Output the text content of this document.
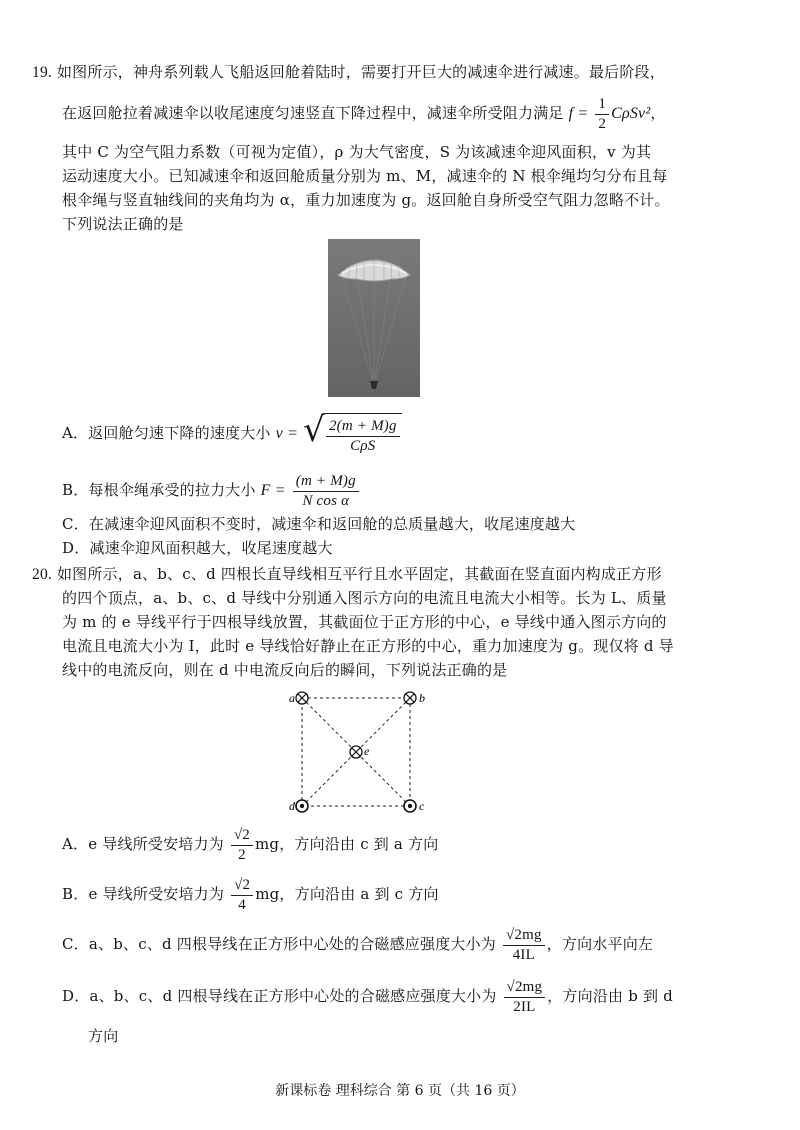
19. 如图所示，神舟系列载人飞船返回舱着陆时，需要打开巨大的减速伞进行减速。最后阶段，
在返回舱拉着减速伞以收尾速度匀速竖直下降过程中，减速伞所受阻力满足 $f = \frac{1}{2} C\rho Sv^2$，
其中 C 为空气阻力系数（可视为定值），ρ 为大气密度，S 为该减速伞迎风面积，v 为其
运动速度大小。已知减速伞和返回舱质量分别为 m、M，减速伞的 N 根伞绳均匀分布且每
根伞绳与竖直轴线间的夹角均为 α，重力加速度为 g。返回舱自身所受空气阻力忽略不计。
下列说法正确的是
A．返回舱匀速下降的速度大小 v = √ $\frac{2(m + M)g}{\text{CρS}}$
B．每根伞绳承受的拉力大小 $F = \frac{(m + M)g}{\text{N cos α}}$
C．在减速伞迎风面积不变时，减速伞和返回舱的总质量越大，收尾速度越大
D．减速伞迎风面积越大，收尾速度越大
20. 如图所示，a、b、c、d 四根长直导线相互平行且水平固定，其截面在竖直面内构成正方形
的四个顶点，a、b、c、d 导线中分别通入图示方向的电流且电流大小相等。长为 L、质量
为 m 的 e 导线平行于四根导线放置，其截面位于正方形的中心，e 导线中通入图示方向的
电流且电流大小为 I，此时 e 导线恰好静止在正方形的中心，重力加速度为 g。现仅将 d 导
线中的电流反向，则在 d 中电流反向后的瞬间，下列说法正确的是
a	b
c
d
e
A．e 导线所受安培力为 $\frac{√2}{2}$ mg，方向沿由 c 到 a 方向
B．e 导线所受安培力为 $\frac{√2}{4}$ mg，方向沿由 a 到 c 方向
C．a、b、c、d 四根导线在正方形中心处的合磁感应强度大小为 $\frac{√2mg}{4IL}$ ，方向水平向左
D．a、b、c、d 四根导线在正方形中心处的合磁感应强度大小为 $\frac{√2mg}{2IL}$ ，方向沿由 b 到 d
方向
新课标卷 理科综合 第 6 页（共 16 页）
